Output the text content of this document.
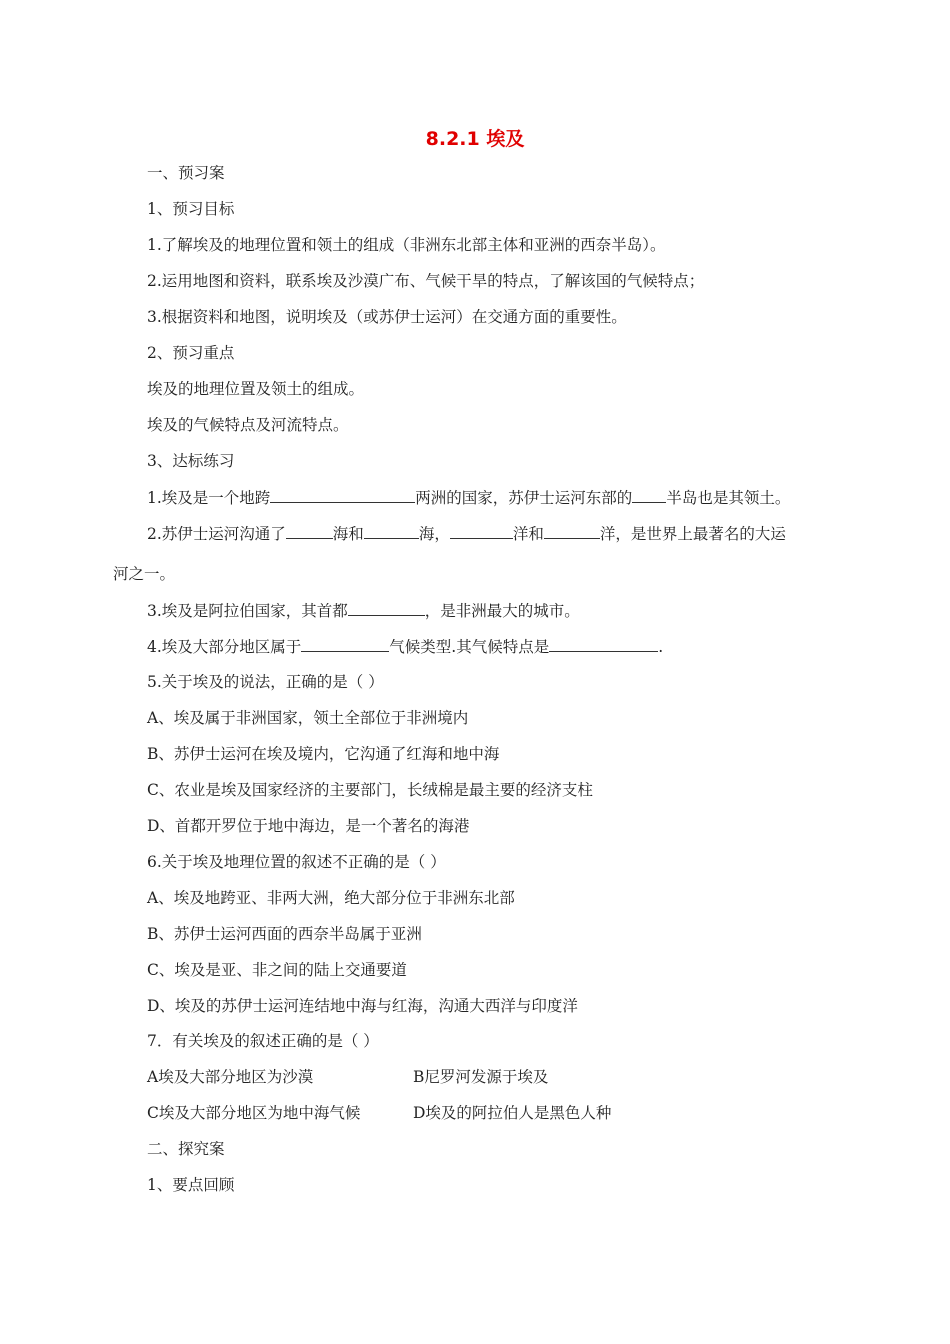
8.2.1 埃及
一、预习案
1、预习目标
1.了解埃及的地理位置和领土的组成（非洲东北部主体和亚洲的西奈半岛）。
2.运用地图和资料，联系埃及沙漠广布、气候干旱的特点，了解该国的气候特点；
3.根据资料和地图，说明埃及（或苏伊士运河）在交通方面的重要性。
2、预习重点
埃及的地理位置及领土的组成。
埃及的气候特点及河流特点。
3、达标练习
1.埃及是一个地跨	两洲的国家，苏伊士运河东部的 半岛也是其领土。
2.苏伊士运河沟通了	海和	海，	洋和	洋，是世界上最著名的大运
河之一。
3.埃及是阿拉伯国家，其首都	，是非洲最大的城市。
4.埃及大部分地区属于	气候类型.其气候特点是	.
5.关于埃及的说法，正确的是（ ）
A、埃及属于非洲国家，领土全部位于非洲境内
B、苏伊士运河在埃及境内，它沟通了红海和地中海
C、农业是埃及国家经济的主要部门，长绒棉是最主要的经济支柱
D、首都开罗位于地中海边，是一个著名的海港
6.关于埃及地理位置的叙述不正确的是（ ）
A、埃及地跨亚、非两大洲，绝大部分位于非洲东北部
B、苏伊士运河西面的西奈半岛属于亚洲
C、埃及是亚、非之间的陆上交通要道
D、埃及的苏伊士运河连结地中海与红海，沟通大西洋与印度洋
7．有关埃及的叙述正确的是（ ）
A埃及大部分地区为沙漠	B尼罗河发源于埃及
C埃及大部分地区为地中海气候	D埃及的阿拉伯人是黑色人种
二、探究案
1、要点回顾
